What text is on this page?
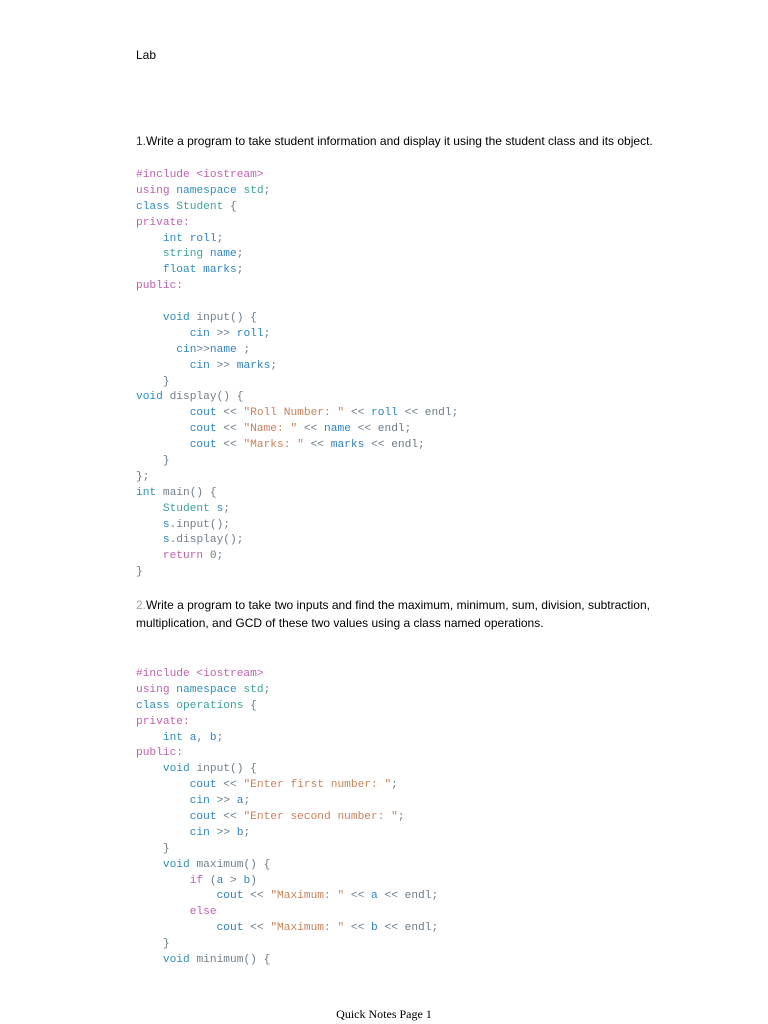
Lab
1.Write a program to take student information and display it using the student class and its object.
#include <iostream>
using namespace std;
class Student {
private:
int roll;
string name;
float marks;
public:
void input() {
cin >> roll;
cin>>name ;
cin >> marks;
}
void display() {
cout << "Roll Number: " << roll << endl;
cout << "Name: " << name << endl;
cout << "Marks: " << marks << endl;
}
};
int main() {
Student s;
s.input();
s.display();
return 0;
}
2.Write a program to take two inputs and find the maximum, minimum, sum, division, subtraction, multiplication, and GCD of these two values using a class named operations.
#include <iostream>
using namespace std;
class operations {
private:
int a, b;
public:
void input() {
cout << "Enter first number: ";
cin >> a;
cout << "Enter second number: ";
cin >> b;
}
void maximum() {
if (a > b)
cout << "Maximum: " << a << endl;
else
cout << "Maximum: " << b << endl;
}
void minimum() {
Quick Notes Page 1
